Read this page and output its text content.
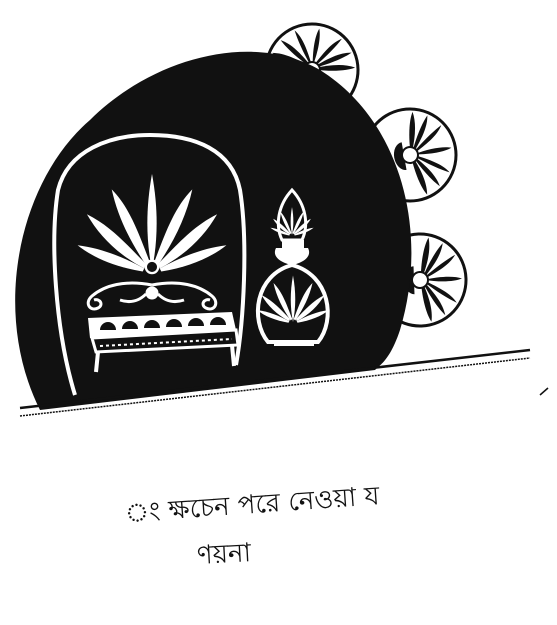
ং ক্ষচেন পরে নেওয়া য
ণয়না
